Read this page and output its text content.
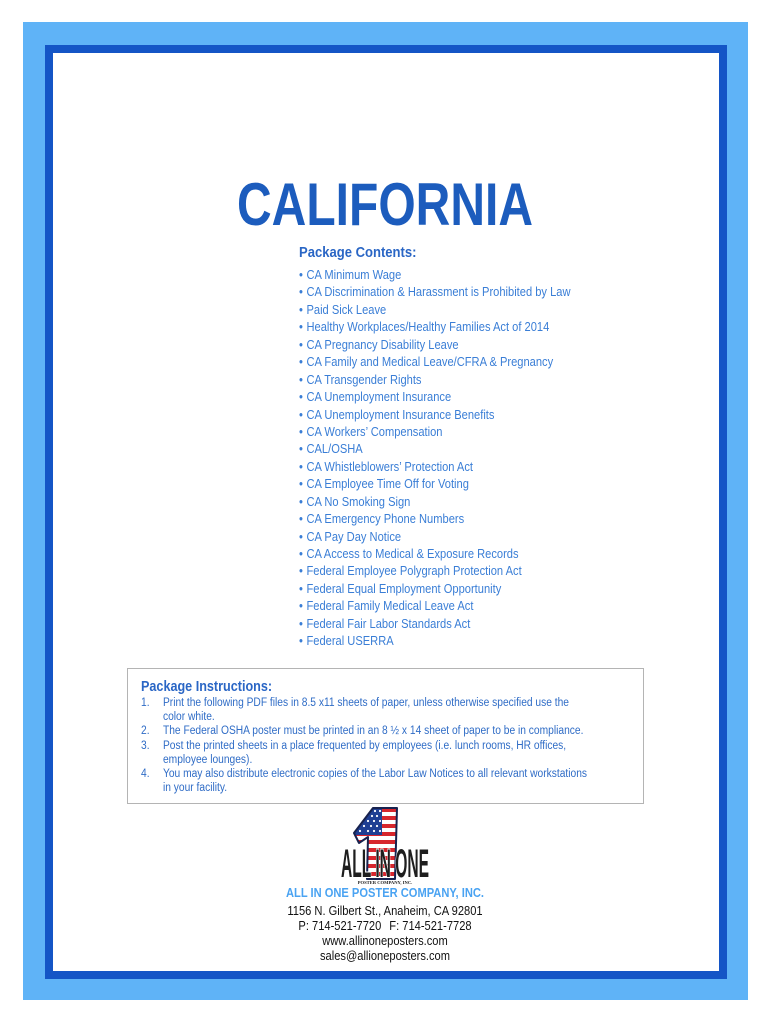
CALIFORNIA
Package Contents:
• CA Minimum Wage
• CA Discrimination & Harassment is Prohibited by Law
• Paid Sick Leave
• Healthy Workplaces/Healthy Families Act of 2014
• CA Pregnancy Disability Leave
• CA Family and Medical Leave/CFRA & Pregnancy
• CA Transgender Rights
• CA Unemployment Insurance
• CA Unemployment Insurance Benefits
• CA Workers’ Compensation
• CAL/OSHA
• CA Whistleblowers’ Protection Act
• CA Employee Time Off for Voting
• CA No Smoking Sign
• CA Emergency Phone Numbers
• CA Pay Day Notice
• CA Access to Medical & Exposure Records
• Federal Employee Polygraph Protection Act
• Federal Equal Employment Opportunity
• Federal Family Medical Leave Act
• Federal Fair Labor Standards Act
• Federal USERRA
Package Instructions:
1.	Print the following PDF files in 8.5 x11 sheets of paper, unless otherwise specified use the
color white.
2.	The Federal OSHA poster must be printed in an 8 ½ x 14 sheet of paper to be in compliance.
3.	Post the printed sheets in a place frequented by employees (i.e. lunch rooms, HR offices,
employee lounges).
4.	You may also distribute electronic copies of the Labor Law Notices to all relevant workstations
in your facility.
ALL IN ONE
POSTER COMPANY, INC.
ALL IN ONE POSTER COMPANY, INC.
1156 N. Gilbert St., Anaheim, CA 92801
P: 714-521-7720 F: 714-521-7728
www.allinoneposters.com
sales@allioneposters.com
